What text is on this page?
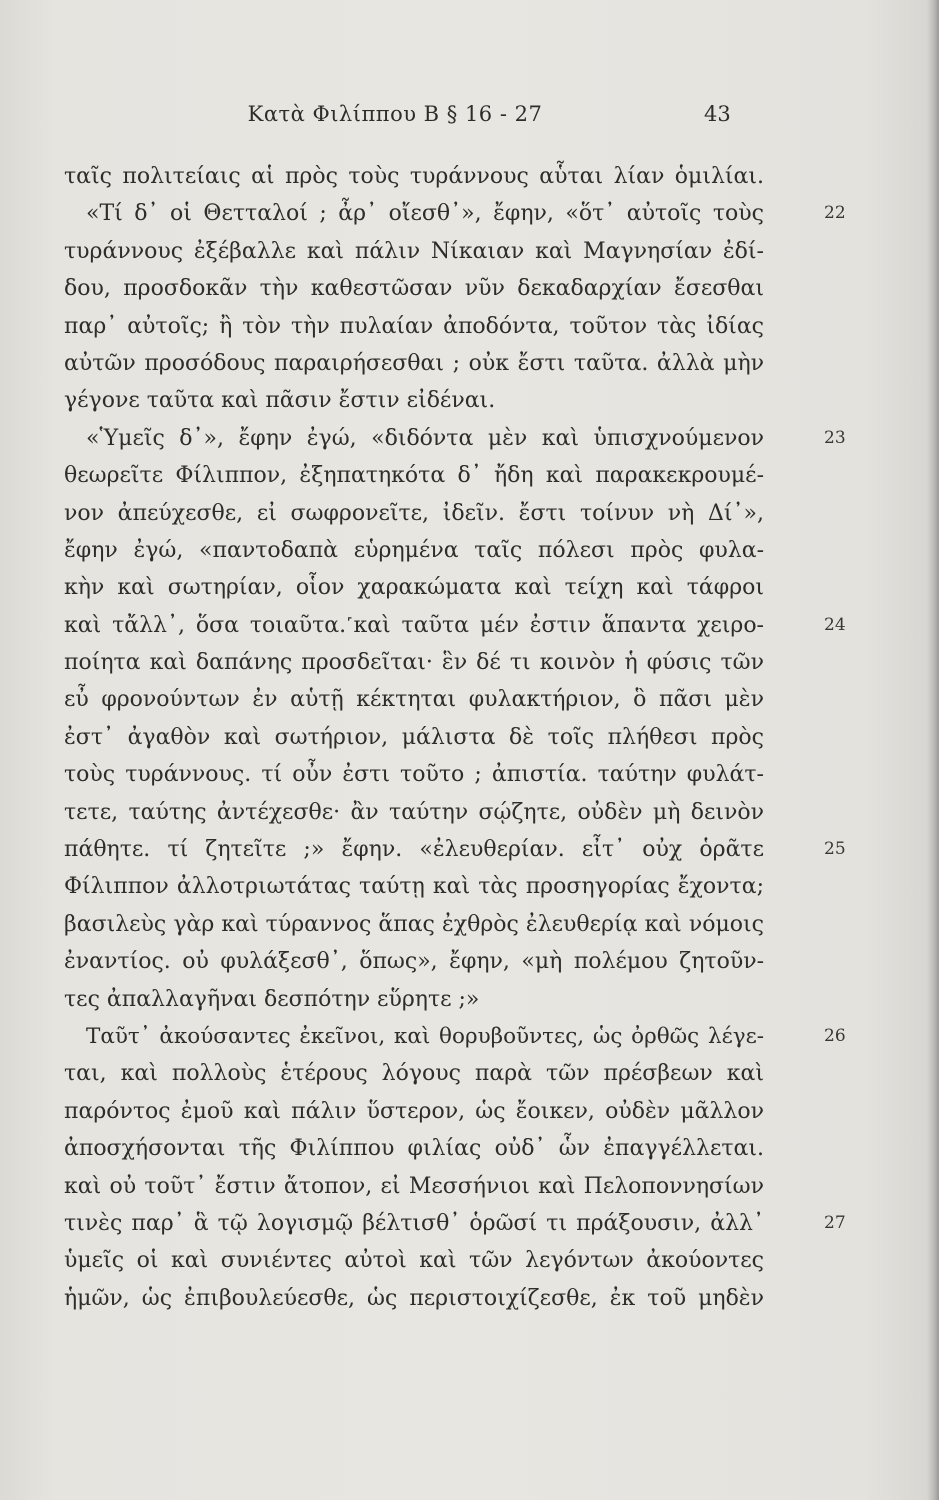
Κατὰ Φιλίππου Β § 16 - 27	43
ταῖς πολιτείαις αἱ πρὸς τοὺς τυράννους αὗται λίαν ὁμιλίαι.
«Τί δ᾽ οἱ Θετταλοί ; ἆρ᾽ οἴεσθ᾽», ἔφην, «ὅτ᾽ αὐτοῖς τοὺς	22
τυράννους ἐξέβαλλε καὶ πάλιν Νίκαιαν καὶ Μαγνησίαν ἐδί-
δου, προσδοκᾶν τὴν καθεστῶσαν νῦν δεκαδαρχίαν ἔσεσθαι
παρ᾽ αὐτοῖς; ἢ τὸν τὴν πυλαίαν ἀποδόντα, τοῦτον τὰς ἰδίας
αὐτῶν προσόδους παραιρήσεσθαι ; οὐκ ἔστι ταῦτα. ἀλλὰ μὴν
γέγονε ταῦτα καὶ πᾶσιν ἔστιν εἰδέναι.
«Ὑμεῖς δ᾽», ἔφην ἐγώ, «διδόντα μὲν καὶ ὑπισχνούμενον	23
θεωρεῖτε Φίλιππον, ἐξηπατηκότα δ᾽ ἤδη καὶ παρακεκρουμέ-
νον ἀπεύχεσθε, εἰ σωφρονεῖτε, ἰδεῖν. ἔστι τοίνυν νὴ Δί᾽»,
ἔφην ἐγώ, «παντοδαπὰ εὑρημένα ταῖς πόλεσι πρὸς φυλα-
κὴν καὶ σωτηρίαν, οἷον χαρακώματα καὶ τείχη καὶ τάφροι
καὶ τἄλλ᾽, ὅσα τοιαῦτα.˹καὶ ταῦτα μέν ἐστιν ἅπαντα χειρο-	24
ποίητα καὶ δαπάνης προσδεῖται· ἓν δέ τι κοινὸν ἡ φύσις τῶν
εὖ φρονούντων ἐν αὑτῇ κέκτηται φυλακτήριον, ὃ πᾶσι μὲν
ἐστ᾽ ἀγαθὸν καὶ σωτήριον, μάλιστα δὲ τοῖς πλήθεσι πρὸς
τοὺς τυράννους. τί οὖν ἐστι τοῦτο ; ἀπιστία. ταύτην φυλάτ-
τετε, ταύτης ἀντέχεσθε· ἂν ταύτην σῴζητε, οὐδὲν μὴ δεινὸν
πάθητε. τί ζητεῖτε ;» ἔφην. «ἐλευθερίαν. εἶτ᾽ οὐχ ὁρᾶτε	25
Φίλιππον ἀλλοτριωτάτας ταύτῃ καὶ τὰς προσηγορίας ἔχοντα;
βασιλεὺς γὰρ καὶ τύραννος ἅπας ἐχθρὸς ἐλευθερίᾳ καὶ νόμοις
ἐναντίος. οὐ φυλάξεσθ᾽, ὅπως», ἔφην, «μὴ πολέμου ζητοῦν-
τες ἀπαλλαγῆναι δεσπότην εὕρητε ;»
Ταῦτ᾽ ἀκούσαντες ἐκεῖνοι, καὶ θορυβοῦντες, ὡς ὀρθῶς λέγε-	26
ται, καὶ πολλοὺς ἑτέρους λόγους παρὰ τῶν πρέσβεων καὶ
παρόντος ἐμοῦ καὶ πάλιν ὕστερον, ὡς ἔοικεν, οὐδὲν μᾶλλον
ἀποσχήσονται τῆς Φιλίππου φιλίας οὐδ᾽ ὧν ἐπαγγέλλεται.
καὶ οὐ τοῦτ᾽ ἔστιν ἄτοπον, εἰ Μεσσήνιοι καὶ Πελοποννησίων
τινὲς παρ᾽ ἃ τῷ λογισμῷ βέλτισθ᾽ ὁρῶσί τι πράξουσιν, ἀλλ᾽	27
ὑμεῖς οἱ καὶ συνιέντες αὐτοὶ καὶ τῶν λεγόντων ἀκούοντες
ἡμῶν, ὡς ἐπιβουλεύεσθε, ὡς περιστοιχίζεσθε, ἐκ τοῦ μηδὲν
